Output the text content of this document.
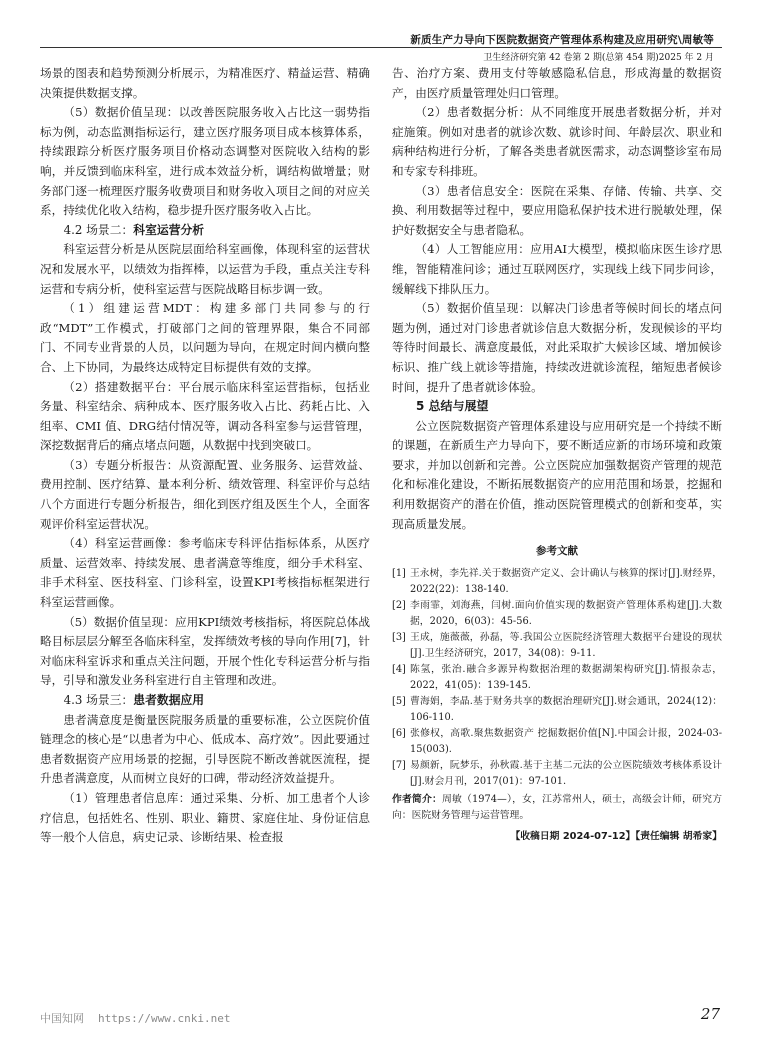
新质生产力导向下医院数据资产管理体系构建及应用研究\周敏等
卫生经济研究第 42 卷第 2 期(总第 454 期)2025 年 2 月

场景的图表和趋势预测分析展示，为精准医疗、精益运营、精确决策提供数据支撑。

（5）数据价值呈现：以改善医院服务收入占比这一弱势指标为例，动态监测指标运行，建立医疗服务项目成本核算体系，持续跟踪分析医疗服务项目价格动态调整对医院收入结构的影响，并反馈到临床科室，进行成本效益分析，调结构做增量；财务部门逐一梳理医疗服务收费项目和财务收入项目之间的对应关系，持续优化收入结构，稳步提升医疗服务收入占比。

4.2 场景二：科室运营分析

科室运营分析是从医院层面给科室画像，体现科室的运营状况和发展水平，以绩效为指挥棒，以运营为手段，重点关注专科运营和专病分析，使科室运营与医院战略目标步调一致。

（1）组建运营MDT：构建多部门共同参与的行政“MDT”工作模式，打破部门之间的管理界限，集合不同部门、不同专业背景的人员，以问题为导向，在规定时间内横向整合、上下协同，为最终达成特定目标提供有效的支撑。

（2）搭建数据平台：平台展示临床科室运营指标，包括业务量、科室结余、病种成本、医疗服务收入占比、药耗占比、入组率、CMI 值、DRG结付情况等，调动各科室参与运营管理，深挖数据背后的痛点堵点问题，从数据中找到突破口。

（3）专题分析报告：从资源配置、业务服务、运营效益、费用控制、医疗结算、量本利分析、绩效管理、科室评价与总结八个方面进行专题分析报告，细化到医疗组及医生个人，全面客观评价科室运营状况。

（4）科室运营画像：参考临床专科评估指标体系，从医疗质量、运营效率、持续发展、患者满意等维度，细分手术科室、非手术科室、医技科室、门诊科室，设置KPI考核指标框架进行科室运营画像。

（5）数据价值呈现：应用KPI绩效考核指标，将医院总体战略目标层层分解至各临床科室，发挥绩效考核的导向作用[7]，针对临床科室诉求和重点关注问题，开展个性化专科运营分析与指导，引导和激发业务科室进行自主管理和改进。

4.3 场景三：患者数据应用

患者满意度是衡量医院服务质量的重要标准，公立医院价值链理念的核心是“以患者为中心、低成本、高疗效”。因此要通过患者数据资产应用场景的挖掘，引导医院不断改善就医流程，提升患者满意度，从而树立良好的口碑，带动经济效益提升。

（1）管理患者信息库：通过采集、分析、加工患者个人诊疗信息，包括姓名、性别、职业、籍贯、家庭住址、身份证信息等一般个人信息，病史记录、诊断结果、检查报

告、治疗方案、费用支付等敏感隐私信息，形成海量的数据资产，由医疗质量管理处归口管理。

（2）患者数据分析：从不同维度开展患者数据分析，并对症施策。例如对患者的就诊次数、就诊时间、年龄层次、职业和病种结构进行分析，了解各类患者就医需求，动态调整诊室布局和专家专科排班。

（3）患者信息安全：医院在采集、存储、传输、共享、交换、利用数据等过程中，要应用隐私保护技术进行脱敏处理，保护好数据安全与患者隐私。

（4）人工智能应用：应用AI大模型，模拟临床医生诊疗思维，智能精准问诊；通过互联网医疗，实现线上线下同步问诊，缓解线下排队压力。

（5）数据价值呈现：以解决门诊患者等候时间长的堵点问题为例，通过对门诊患者就诊信息大数据分析，发现候诊的平均等待时间最长、满意度最低，对此采取扩大候诊区域、增加候诊标识、推广线上就诊等措施，持续改进就诊流程，缩短患者候诊时间，提升了患者就诊体验。

5 总结与展望

公立医院数据资产管理体系建设与应用研究是一个持续不断的课题，在新质生产力导向下，要不断适应新的市场环境和政策要求，并加以创新和完善。公立医院应加强数据资产管理的规范化和标准化建设，不断拓展数据资产的应用范围和场景，挖掘和利用数据资产的潜在价值，推动医院管理模式的创新和变革，实现高质量发展。

参考文献
[1] 王永树，李先祥.关于数据资产定义、会计确认与核算的探讨[J].财经界，2022(22)：138-140.
[2] 李雨霏，刘海燕，闫树.面向价值实现的数据资产管理体系构建[J].大数据，2020，6(03)：45-56.
[3] 王成，施薇薇，孙磊，等.我国公立医院经济管理大数据平台建设的现状[J].卫生经济研究，2017，34(08)：9-11.
[4] 陈氢，张治.融合多源异构数据治理的数据湖架构研究[J].情报杂志，2022，41(05)：139-145.
[5] 曹海娟，李晶.基于财务共享的数据治理研究[J].财会通讯，2024(12)：106-110.
[6] 张修权，高歌.聚焦数据资产 挖掘数据价值[N].中国会计报，2024-03-15(003).
[7] 易颜新，阮梦乐，孙秋霞.基于主基二元法的公立医院绩效考核体系设计[J].财会月刊，2017(01)：97-101.
作者简介：周敏（1974—），女，江苏常州人，硕士，高级会计师，研究方向：医院财务管理与运营管理。
【收稿日期 2024-07-12】【责任编辑 胡希家】
中国知网 https://www.cnki.net	27
